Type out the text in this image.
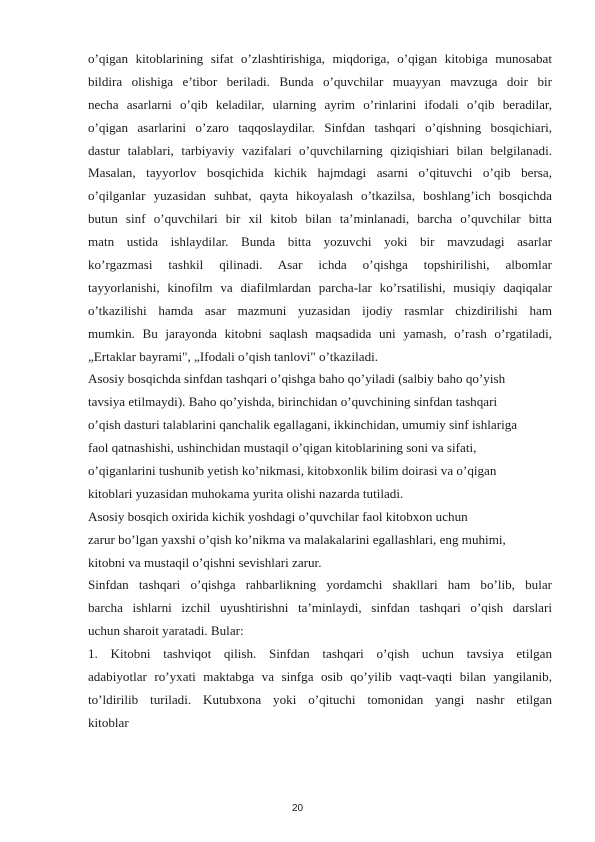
o’qigan kitoblarining sifat o’zlashtirishiga, miqdoriga, o’qigan kitobiga munosabat
bildira olishiga e’tibor beriladi. Bunda o’quvchilar muayyan mavzuga doir bir
necha asarlarni o’qib keladilar, ularning ayrim o’rinlarini ifodali o’qib beradilar,
o’qigan asarlarini o’zaro taqqoslaydilar. Sinfdan tashqari o’qishning bosqichiari,
dastur talablari, tarbiyaviy vazifalari o’quvchilarning qiziqishiari bilan belgilanadi.
Masalan, tayyorlov bosqichida kichik hajmdagi asarni o’qituvchi o’qib bersa,
o’qilganlar yuzasidan suhbat, qayta hikoyalash o’tkazilsa, boshlang’ich bosqichda
butun sinf o’quvchilari bir xil kitob bilan ta’minlanadi, barcha o’quvchilar bitta
matn ustida ishlaydilar. Bunda bitta yozuvchi yoki bir mavzudagi asarlar
ko’rgazmasi tashkil qilinadi. Asar ichda o’qishga topshirilishi, albomlar
tayyorlanishi, kinofilm va diafilmlardan parcha-lar ko’rsatilishi, musiqiy daqiqalar
o’tkazilishi hamda asar mazmuni yuzasidan ijodiy rasmlar chizdirilishi ham
mumkin. Bu jarayonda kitobni saqlash maqsadida uni yamash, o’rash o’rgatiladi,
„Ertaklar bayrami", „Ifodali o’qish tanlovi" o’tkaziladi.
Asosiy bosqichda sinfdan tashqari o’qishga baho qo’yiladi (salbiy baho qo’yish
tavsiya etilmaydi). Baho qo’yishda, birinchidan o’quvchining sinfdan tashqari
o’qish dasturi talablarini qanchalik egallagani, ikkinchidan, umumiy sinf ishlariga
faol qatnashishi, ushinchidan mustaqil o’qigan kitoblarining soni va sifati,
o’qiganlarini tushunib yetish ko’nikmasi, kitobxonlik bilim doirasi va o’qigan
kitoblari yuzasidan muhokama yurita olishi nazarda tutiladi.
Asosiy bosqich oxirida kichik yoshdagi o’quvchilar faol kitobxon uchun
zarur bo’lgan yaxshi o’qish ko’nikma va malakalarini egallashlari, eng muhimi,
kitobni va mustaqil o’qishni sevishlari zarur.
Sinfdan tashqari o’qishga rahbarlikning yordamchi shakllari ham bo’lib, bular
barcha ishlarni izchil uyushtirishni ta’minlaydi, sinfdan tashqari o’qish darslari
uchun sharoit yaratadi. Bular:
1. Kitobni tashviqot qilish. Sinfdan tashqari o’qish uchun tavsiya etilgan
adabiyotlar ro’yxati maktabga va sinfga osib qo’yilib vaqt-vaqti bilan yangilanib,
to’ldirilib turiladi. Kutubxona yoki o’qituchi tomonidan yangi nashr etilgan
kitoblar
20
